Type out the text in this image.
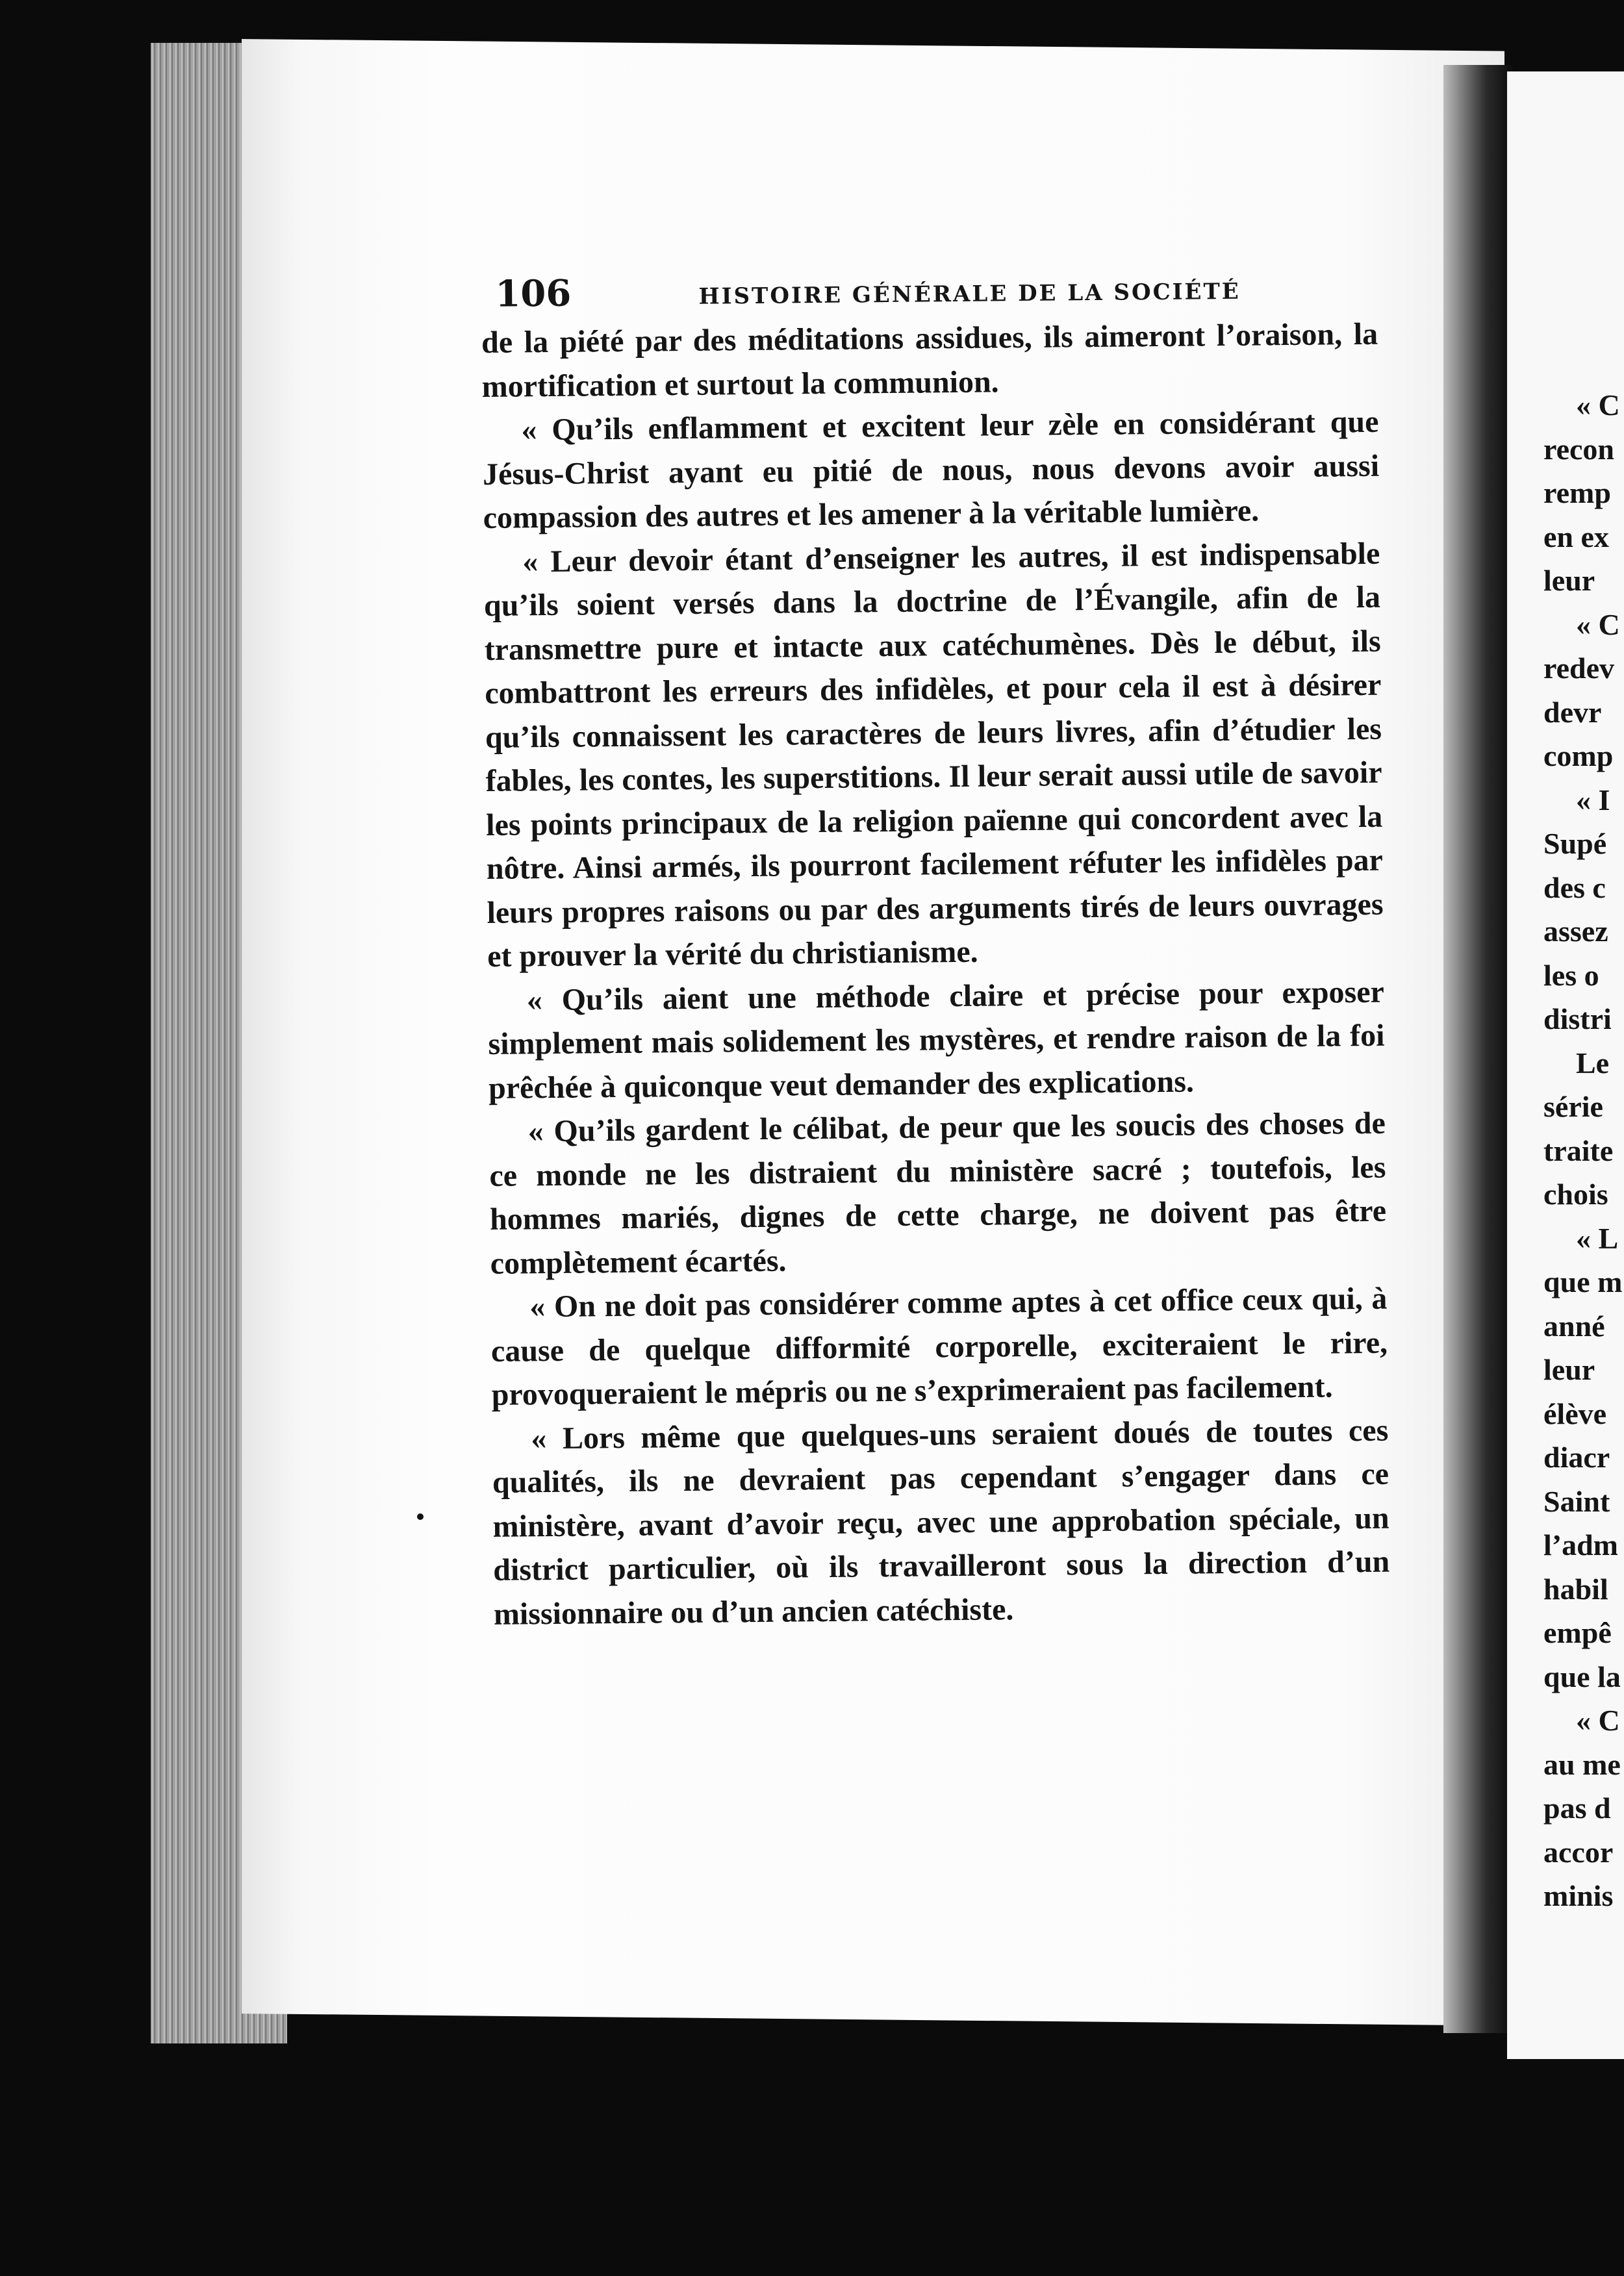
106	HISTOIRE GÉNÉRALE DE LA SOCIÉTÉ

de la piété par des méditations assidues, ils aimeront l’oraison, la mortification et surtout la communion.

« Qu’ils enflamment et excitent leur zèle en considérant que Jésus-Christ ayant eu pitié de nous, nous devons avoir aussi compassion des autres et les amener à la véritable lumière.

« Leur devoir étant d’enseigner les autres, il est indispensable qu’ils soient versés dans la doctrine de l’Évangile, afin de la transmettre pure et intacte aux catéchumènes. Dès le début, ils combattront les erreurs des infidèles, et pour cela il est à désirer qu’ils connaissent les caractères de leurs livres, afin d’étudier les fables, les contes, les superstitions. Il leur serait aussi utile de savoir les points principaux de la religion païenne qui concordent avec la nôtre. Ainsi armés, ils pourront facilement réfuter les infidèles par leurs propres raisons ou par des arguments tirés de leurs ouvrages et prouver la vérité du christianisme.

« Qu’ils aient une méthode claire et précise pour exposer simplement mais solidement les mystères, et rendre raison de la foi prêchée à quiconque veut demander des explications.

« Qu’ils gardent le célibat, de peur que les soucis des choses de ce monde ne les distraient du ministère sacré ; toutefois, les hommes mariés, dignes de cette charge, ne doivent pas être complètement écartés.

« On ne doit pas considérer comme aptes à cet office ceux qui, à cause de quelque difformité corporelle, exciteraient le rire, provoqueraient le mépris ou ne s’exprimeraient pas facilement.

« Lors même que quelques-uns seraient doués de toutes ces qualités, ils ne devraient pas cependant s’engager dans ce ministère, avant d’avoir reçu, avec une approbation spéciale, un district particulier, où ils travailleront sous la direction d’un missionnaire ou d’un ancien catéchiste.

« C
recon
remp
en ex
leur
« C
redev
devr
comp
« I
Supé
des c
assez
les o
distri
Le
série
traite
chois
« L
que m
anné
leur
élève
diacr
Saint
l’adm
habil
empê
que la
« C
au me
pas d
accor
minis
